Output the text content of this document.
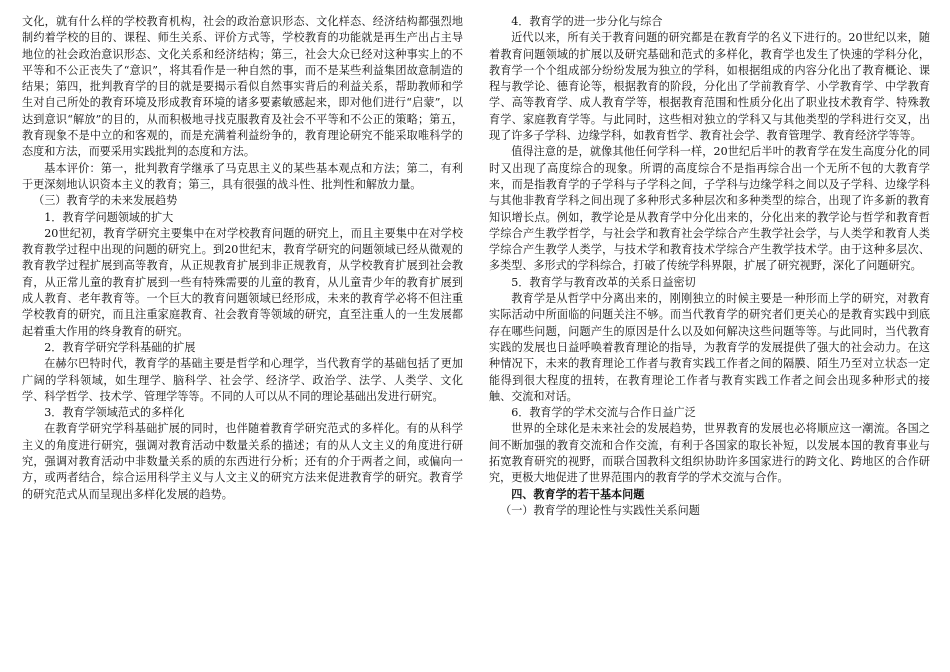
文化，就有什么样的学校教育机构，社会的政治意识形态、文化样态、经济结构都强烈地制约着学校的目的、课程、师生关系、评价方式等，学校教育的功能就是再生产出占主导地位的社会政治意识形态、文化关系和经济结构；第三，社会大众已经对这种事实上的不平等和不公正丧失了“意识”，将其看作是一种自然的事，而不是某些利益集团故意制造的结果；第四，批判教育学的目的就是要揭示看似自然事实背后的利益关系，帮助教师和学生对自己所处的教育环境及形成教育环境的诸多要素敏感起来，即对他们进行“启蒙”，以达到意识“解放”的目的，从而积极地寻找克服教育及社会不平等和不公正的策略；第五，教育现象不是中立的和客观的，而是充满着利益纷争的，教育理论研究不能采取唯科学的态度和方法，而要采用实践批判的态度和方法。

基本评价：第一，批判教育学继承了马克思主义的某些基本观点和方法；第二，有利于更深刻地认识资本主义的教育；第三，具有很强的战斗性、批判性和解放力量。

（三）教育学的未来发展趋势

1．教育学问题领域的扩大

20世纪初，教育学研究主要集中在对学校教育问题的研究上，而且主要集中在对学校教育教学过程中出现的问题的研究上。到20世纪末，教育学研究的问题领域已经从微观的教育教学过程扩展到高等教育，从正规教育扩展到非正规教育，从学校教育扩展到社会教育，从正常儿童的教育扩展到一些有特殊需要的儿童的教育，从儿童青少年的教育扩展到成人教育、老年教育等。一个巨大的教育问题领域已经形成，未来的教育学必将不但注重学校教育的研究，而且注重家庭教育、社会教育等领域的研究，直至注重人的一生发展都起着重大作用的终身教育的研究。

2．教育学研究学科基础的扩展

在赫尔巴特时代，教育学的基础主要是哲学和心理学，当代教育学的基础包括了更加广阔的学科领域，如生理学、脑科学、社会学、经济学、政治学、法学、人类学、文化学、科学哲学、技术学、管理学等等。不同的人可以从不同的理论基础出发进行研究。

3．教育学领域范式的多样化

在教育学研究学科基础扩展的同时，也伴随着教育学研究范式的多样化。有的从科学主义的角度进行研究，强调对教育活动中数量关系的描述；有的从人文主义的角度进行研究，强调对教育活动中非数量关系的质的东西进行分析；还有的介于两者之间，或偏向一方，或两者结合，综合运用科学主义与人文主义的研究方法来促进教育学的研究。教育学的研究范式从而呈现出多样化发展的趋势。

4．教育学的进一步分化与综合

近代以来，所有关于教育问题的研究都是在教育学的名义下进行的。20世纪以来，随着教育问题领域的扩展以及研究基础和范式的多样化，教育学也发生了快速的学科分化，教育学一个个组成部分纷纷发展为独立的学科，如根据组成的内容分化出了教育概论、课程与教学论、德育论等，根据教育的阶段，分化出了学前教育学、小学教育学、中学教育学、高等教育学、成人教育学等，根据教育范围和性质分化出了职业技术教育学、特殊教育学、家庭教育学等。与此同时，这些相对独立的学科又与其他类型的学科进行交叉，出现了许多子学科、边缘学科，如教育哲学、教育社会学、教育管理学、教育经济学等等。

值得注意的是，就像其他任何学科一样，20世纪后半叶的教育学在发生高度分化的同时又出现了高度综合的现象。所谓的高度综合不是指再综合出一个无所不包的大教育学来，而是指教育学的子学科与子学科之间，子学科与边缘学科之间以及子学科、边缘学科与其他非教育学科之间出现了多种形式多种层次和多种类型的综合，出现了许多新的教育知识增长点。例如，教学论是从教育学中分化出来的，分化出来的教学论与哲学和教育哲学综合产生教学哲学，与社会学和教育社会学综合产生教学社会学，与人类学和教育人类学综合产生教学人类学，与技术学和教育技术学综合产生教学技术学。由于这种多层次、多类型、多形式的学科综合，打破了传统学科界限，扩展了研究视野，深化了问题研究。

5．教育学与教育改革的关系日益密切

教育学是从哲学中分离出来的，刚刚独立的时候主要是一种形而上学的研究，对教育实际活动中所面临的问题关注不够。而当代教育学的研究者们更关心的是教育实践中到底存在哪些问题，问题产生的原因是什么以及如何解决这些问题等等。与此同时，当代教育实践的发展也日益呼唤着教育理论的指导，为教育学的发展提供了强大的社会动力。在这种情况下，未来的教育理论工作者与教育实践工作者之间的隔膜、陌生乃至对立状态一定能得到很大程度的扭转，在教育理论工作者与教育实践工作者之间会出现多种形式的接触、交流和对话。

6．教育学的学术交流与合作日益广泛

世界的全球化是未来社会的发展趋势，世界教育的发展也必将顺应这一潮流。各国之间不断加强的教育交流和合作交流，有利于各国家的取长补短，以发展本国的教育事业与拓宽教育研究的视野，而联合国教科文组织协助许多国家进行的跨文化、跨地区的合作研究，更极大地促进了世界范围内的教育学的学术交流与合作。

四、教育学的若干基本问题

（一）教育学的理论性与实践性关系问题
